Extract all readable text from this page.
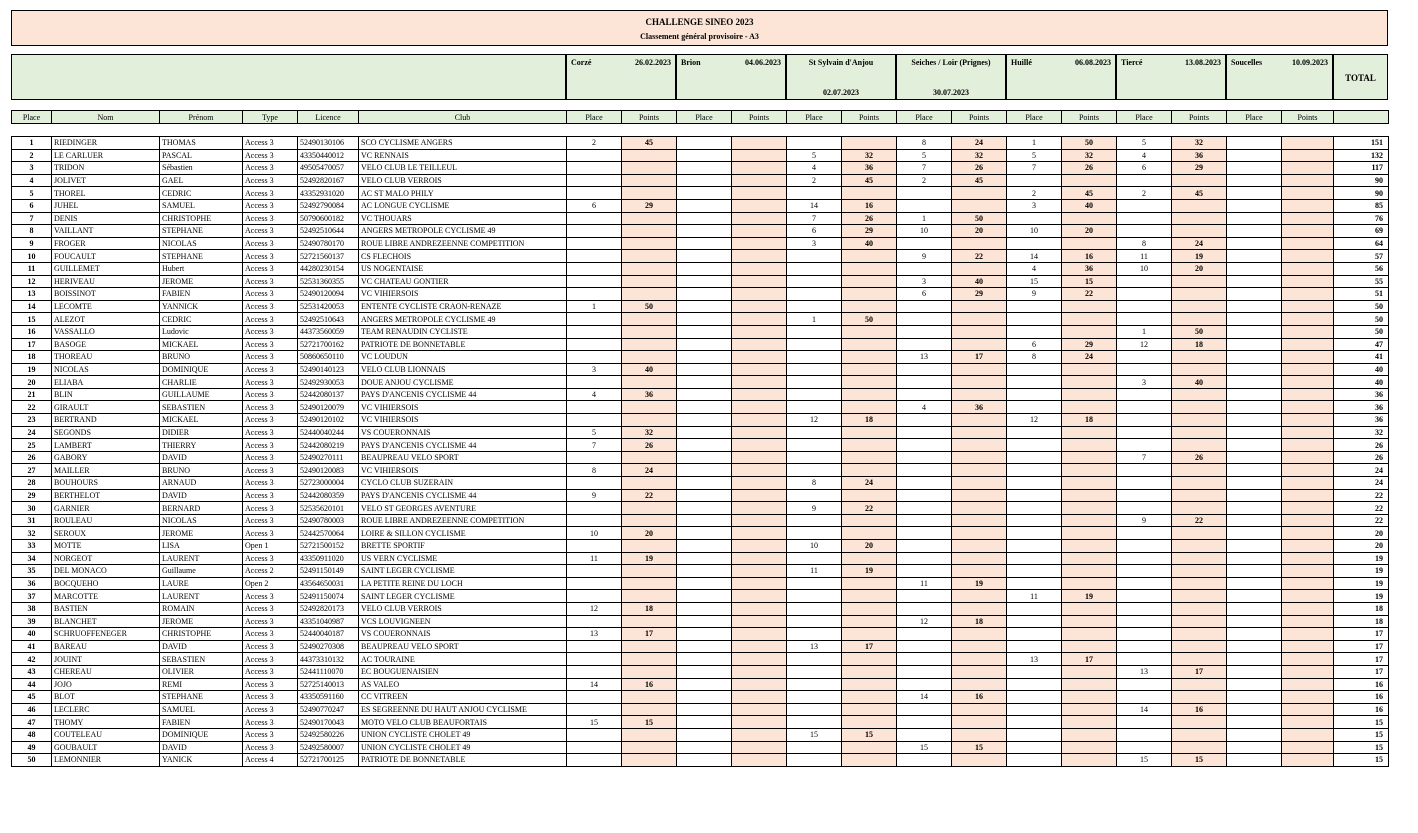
CHALLENGE SINEO 2023
Classement général provisoire - A3
Corzé	26.02.2023 Brion	04.06.2023	St Sylvain d'Anjou
02.07.2023
Seiches / Loir (Prignes)
30.07.2023
Huillé	06.08.2023 Tiercé	13.08.2023 Soucelles	10.09.2023
TOTAL
Place	Nom	Prénom	Type	Licence	Club	Place	Points	Place	Points	Place	Points	Place	Points	Place	Points	Place	Points	Place	Points	
1	RIEDINGER	THOMAS	Access 3	52490130106	SCO CYCLISME ANGERS	2	45					8	24	1	50	5	32			151
2	LE CARLUER	PASCAL	Access 3	43350440012	VC RENNAIS					5	32	5	32	5	32	4	36			132
3	TRIDON	Sébastien	Access 3	49505470057	VELO CLUB LE TEILLEUL					4	36	7	26	7	26	6	29			117
4	JOLIVET	GAEL	Access 3	52492820167	VELO CLUB VERROIS					2	45	2	45							90
5	THOREL	CEDRIC	Access 3	43352931020	AC ST MALO PHILY									2	45	2	45			90
6	JUHEL	SAMUEL	Access 3	52492790084	AC LONGUE CYCLISME	6	29			14	16			3	40					85
7	DENIS	CHRISTOPHE	Access 3	50790600182	VC THOUARS					7	26	1	50							76
8	VAILLANT	STEPHANE	Access 3	52492510644	ANGERS METROPOLE CYCLISME 49					6	29	10	20	10	20					69
9	FROGER	NICOLAS	Access 3	52490780170	ROUE LIBRE ANDREZEENNE COMPETITION					3	40					8	24			64
10	FOUCAULT	STEPHANE	Access 3	52721560137	CS FLECHOIS							9	22	14	16	11	19			57
11	GUILLEMET	Hubert	Access 3	44280230154	US NOGENTAISE									4	36	10	20			56
12	HERIVEAU	JEROME	Access 3	52531360355	VC CHATEAU GONTIER							3	40	15	15					55
13	BOISSINOT	FABIEN	Access 3	52490120094	VC VIHIERSOIS							6	29	9	22					51
14	LECOMTE	YANNICK	Access 3	52531420053	ENTENTE CYCLISTE CRAON-RENAZE	1	50													50
15	ALEZOT	CEDRIC	Access 3	52492510643	ANGERS METROPOLE CYCLISME 49					1	50									50
16	VASSALLO	Ludovic	Access 3	44373560059	TEAM RENAUDIN CYCLISTE											1	50			50
17	BASOGE	MICKAEL	Access 3	52721700162	PATRIOTE DE BONNETABLE									6	29	12	18			47
18	THOREAU	BRUNO	Access 3	50860650110	VC LOUDUN							13	17	8	24					41
19	NICOLAS	DOMINIQUE	Access 3	52490140123	VELO CLUB LIONNAIS	3	40													40
20	ELIABA	CHARLIE	Access 3	52492930053	DOUE ANJOU CYCLISME											3	40			40
21	BLIN	GUILLAUME	Access 3	52442080137	PAYS D'ANCENIS CYCLISME 44	4	36													36
22	GIRAULT	SEBASTIEN	Access 3	52490120079	VC VIHIERSOIS							4	36							36
23	BERTRAND	MICKAEL	Access 3	52490120102	VC VIHIERSOIS					12	18			12	18					36
24	SEGONDS	DIDIER	Access 3	52440040244	VS COUERONNAIS	5	32													32
25	LAMBERT	THIERRY	Access 3	52442080219	PAYS D'ANCENIS CYCLISME 44	7	26													26
26	GABORY	DAVID	Access 3	52490270111	BEAUPREAU VELO SPORT											7	26			26
27	MAILLER	BRUNO	Access 3	52490120083	VC VIHIERSOIS	8	24													24
28	BOUHOURS	ARNAUD	Access 3	52723000004	CYCLO CLUB SUZERAIN					8	24									24
29	BERTHELOT	DAVID	Access 3	52442080359	PAYS D'ANCENIS CYCLISME 44	9	22													22
30	GARNIER	BERNARD	Access 3	52535620101	VELO ST GEORGES AVENTURE					9	22									22
31	ROULEAU	NICOLAS	Access 3	52490780003	ROUE LIBRE ANDREZEENNE COMPETITION											9	22			22
32	SEROUX	JEROME	Access 3	52442570064	LOIRE & SILLON CYCLISME	10	20													20
33	MOTTE	LISA	Open 1	52721500152	BRETTE SPORTIF					10	20									20
34	NORGEOT	LAURENT	Access 3	43350911020	US VERN CYCLISME	11	19													19
35	DEL MONACO	Guillaume	Access 2	52491150149	SAINT LEGER CYCLISME					11	19									19
36	BOCQUEHO	LAURE	Open 2	43564650031	LA PETITE REINE DU LOCH							11	19							19
37	MARCOTTE	LAURENT	Access 3	52491150074	SAINT LEGER CYCLISME									11	19					19
38	BASTIEN	ROMAIN	Access 3	52492820173	VELO CLUB VERROIS	12	18													18
39	BLANCHET	JEROME	Access 3	43351040987	VCS LOUVIGNEEN							12	18							18
40	SCHRUOFFENEGER	CHRISTOPHE	Access 3	52440040187	VS COUERONNAIS	13	17													17
41	BAREAU	DAVID	Access 3	52490270308	BEAUPREAU VELO SPORT					13	17									17
42	JOUINT	SEBASTIEN	Access 3	44373310132	AC TOURAINE									13	17					17
43	CHEREAU	OLIVIER	Access 3	52441110070	EC BOUGUENAISIEN											13	17			17
44	JOJO	REMI	Access 3	52725140013	AS VALEO	14	16													16
45	BLOT	STEPHANE	Access 3	43350591160	CC VITREEN							14	16							16
46	LECLERC	SAMUEL	Access 3	52490770247	ES SEGREENNE DU HAUT ANJOU CYCLISME											14	16			16
47	THOMY	FABIEN	Access 3	52490170043	MOTO VELO CLUB BEAUFORTAIS	15	15													15
48	COUTELEAU	DOMINIQUE	Access 3	52492580226	UNION CYCLISTE CHOLET 49					15	15									15
49	GOUBAULT	DAVID	Access 3	52492580007	UNION CYCLISTE CHOLET 49							15	15							15
50	LEMONNIER	YANICK	Access 4	52721700125	PATRIOTE DE BONNETABLE											15	15			15
